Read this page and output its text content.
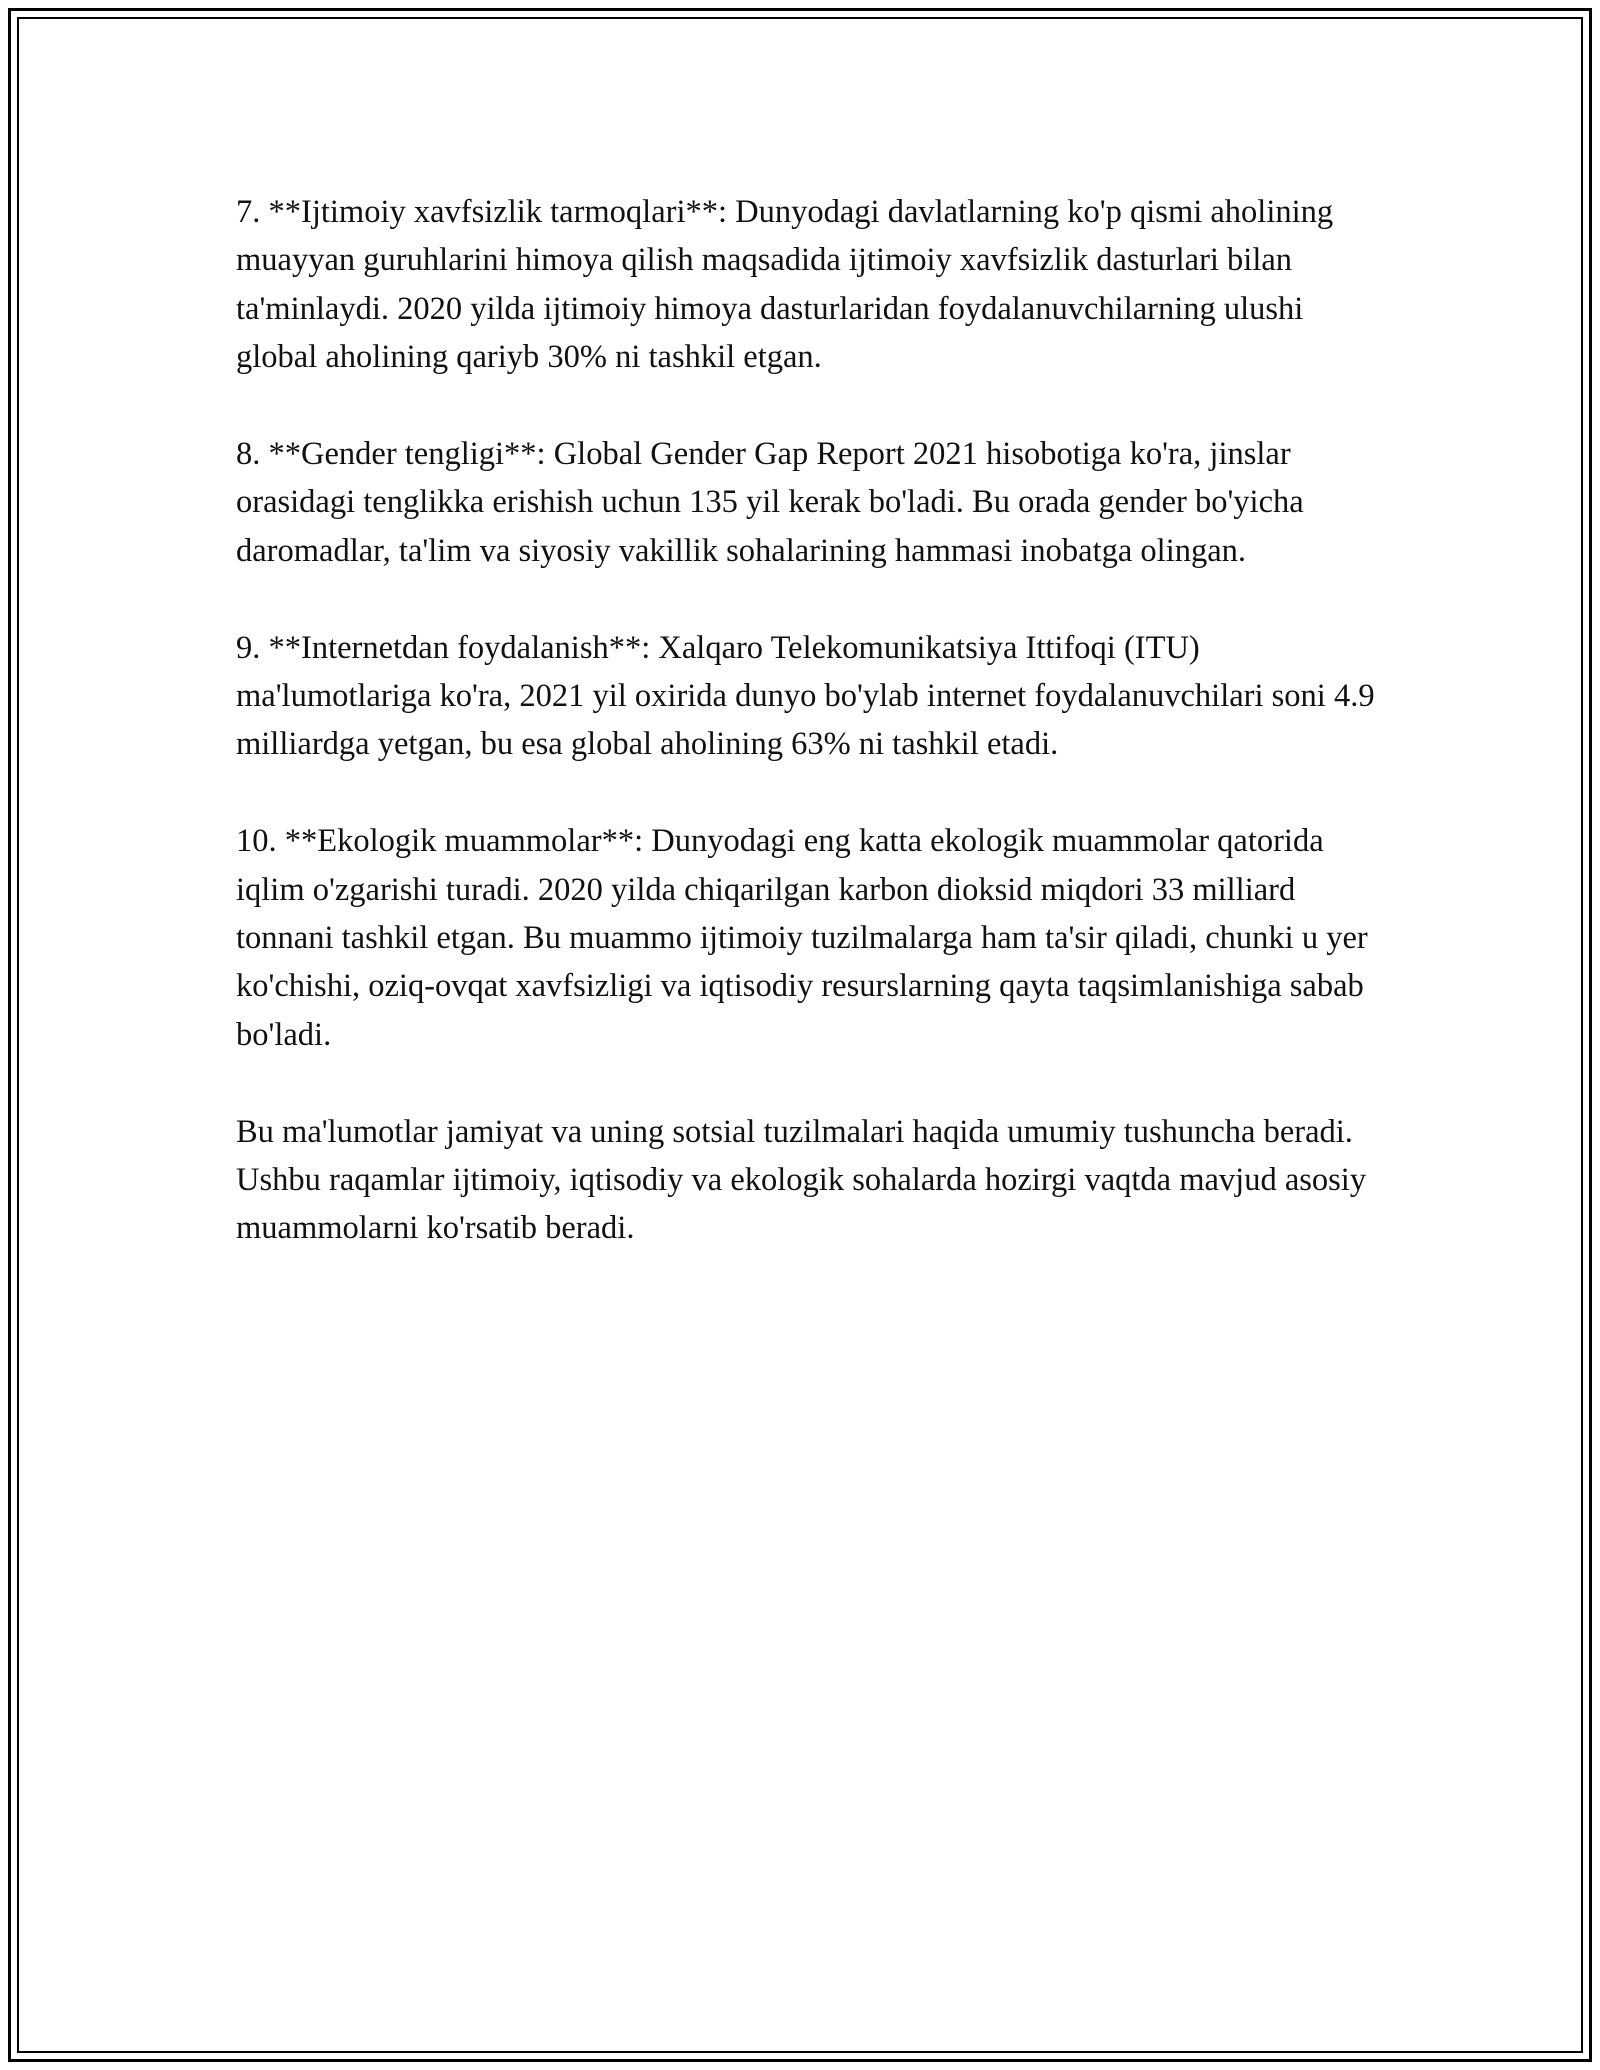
7. **Ijtimoiy xavfsizlik tarmoqlari**: Dunyodagi davlatlarning ko'p qismi aholining muayyan guruhlarini himoya qilish maqsadida ijtimoiy xavfsizlik dasturlari bilan ta'minlaydi. 2020 yilda ijtimoiy himoya dasturlaridan foydalanuvchilarning ulushi global aholining qariyb 30% ni tashkil etgan.

8. **Gender tengligi**: Global Gender Gap Report 2021 hisobotiga ko'ra, jinslar orasidagi tenglikka erishish uchun 135 yil kerak bo'ladi. Bu orada gender bo'yicha daromadlar, ta'lim va siyosiy vakillik sohalarining hammasi inobatga olingan.

9. **Internetdan foydalanish**: Xalqaro Telekomunikatsiya Ittifoqi (ITU) ma'lumotlariga ko'ra, 2021 yil oxirida dunyo bo'ylab internet foydalanuvchilari soni 4.9 milliardga yetgan, bu esa global aholining 63% ni tashkil etadi.

10. **Ekologik muammolar**: Dunyodagi eng katta ekologik muammolar qatorida iqlim o'zgarishi turadi. 2020 yilda chiqarilgan karbon dioksid miqdori 33 milliard tonnani tashkil etgan. Bu muammo ijtimoiy tuzilmalarga ham ta'sir qiladi, chunki u yer ko'chishi, oziq-ovqat xavfsizligi va iqtisodiy resurslarning qayta taqsimlanishiga sabab bo'ladi.

Bu ma'lumotlar jamiyat va uning sotsial tuzilmalari haqida umumiy tushuncha beradi. Ushbu raqamlar ijtimoiy, iqtisodiy va ekologik sohalarda hozirgi vaqtda mavjud asosiy muammolarni ko'rsatib beradi.
